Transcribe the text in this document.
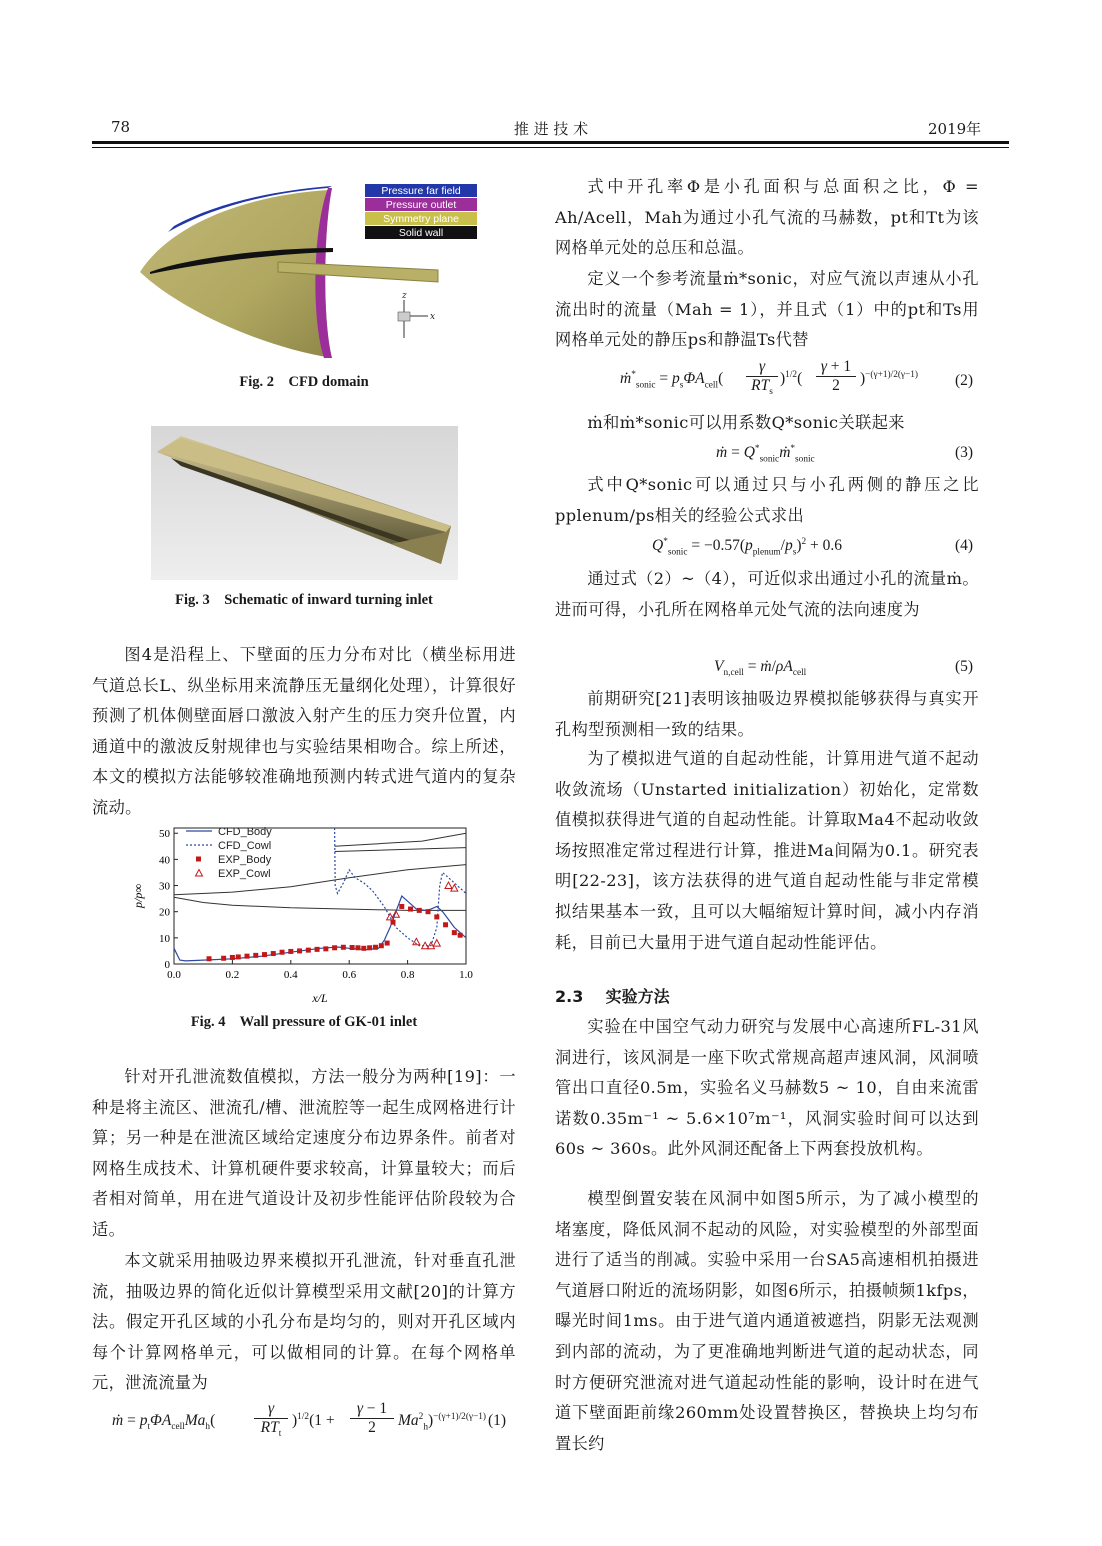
78	推 进 技 术	2019年
z
x
Pressure far field
Pressure outlet
Symmetry plane
Solid wall
Fig. 2    CFD domain
Fig. 3    Schematic of inward turning inlet

图4是沿程上、下壁面的压力分布对比（横坐标用进气道总长L、纵坐标用来流静压无量纲化处理），计算很好预测了机体侧壁面唇口激波入射产生的压力突升位置，内通道中的激波反射规律也与实验结果相吻合。综上所述，本文的模拟方法能够较准确地预测内转式进气道内的复杂流动。

0
10
20
30
40
50
0.0	0.2	0.4	0.6	0.8	1.0
x/L
p/p∞
CFD_Body
CFD_Cowl
EXP_Body
EXP_Cowl
Fig. 4    Wall pressure of GK-01 inlet

针对开孔泄流数值模拟，方法一般分为两种[19]：一种是将主流区、泄流孔/槽、泄流腔等一起生成网格进行计算；另一种是在泄流区域给定速度分布边界条件。前者对网格生成技术、计算机硬件要求较高，计算量较大；而后者相对简单，用在进气道设计及初步性能评估阶段较为合适。

本文就采用抽吸边界来模拟开孔泄流，针对垂直孔泄流，抽吸边界的简化近似计算模型采用文献[20]的计算方法。假定开孔区域的小孔分布是均匀的，则对开孔区域内每个计算网格单元，可以做相同的计算。在每个网格单元，泄流流量为

ṁ = $p_t\Phi A_{cell}Ma_h$(
γ

$RT_t$
)$^{1/2}$(1 +
γ − 1

2	$Ma^2_h)^{-(\gamma+1)/2(\gamma-1)}$ (1)

式中开孔率Φ是小孔面积与总面积之比，Φ = Ah/Acell，Mah为通过小孔气流的马赫数，pt和Tt为该网格单元处的总压和总温。

定义一个参考流量ṁ*sonic，对应气流以声速从小孔流出时的流量（Mah = 1），并且式（1）中的pt和Ts用网格单元处的静压ps和静温Ts代替

ṁ*$_{sonic}$ = $p_s\Phi A_{cell}$(
γ

$RT_s$
)$^{1/2}$(
γ + 1

2	)$^{-(\gamma+1)/2(\gamma-1)}$ (2)

ṁ和ṁ*sonic可以用系数Q*sonic关联起来

ṁ = $Q^*_{sonic}ṁ^*_{sonic}$	(3)

式中Q*sonic可以通过只与小孔两侧的静压之比pplenum/ps相关的经验公式求出

$Q^*_{sonic} = -0.57(p_{plenum}/p_s)^2 + 0.6$	(4)

通过式（2）~（4），可近似求出通过小孔的流量ṁ。进而可得，小孔所在网格单元处气流的法向速度为

$V_{n,cell}$ = $ṁ/\rho A_{cell}$	(5)

前期研究[21]表明该抽吸边界模拟能够获得与真实开孔构型预测相一致的结果。

为了模拟进气道的自起动性能，计算用进气道不起动收敛流场（Unstarted initialization）初始化，定常数值模拟获得进气道的自起动性能。计算取Ma4不起动收敛场按照准定常过程进行计算，推进Ma间隔为0.1。研究表明[22-23]，该方法获得的进气道自起动性能与非定常模拟结果基本一致，且可以大幅缩短计算时间，减小内存消耗，目前已大量用于进气道自起动性能评估。

2.3    实验方法

实验在中国空气动力研究与发展中心高速所FL-31风洞进行，该风洞是一座下吹式常规高超声速风洞，风洞喷管出口直径0.5m，实验名义马赫数5 ~ 10，自由来流雷诺数0.35m⁻¹ ~ 5.6×10⁷m⁻¹，风洞实验时间可以达到60s ~ 360s。此外风洞还配备上下两套投放机构。

模型倒置安装在风洞中如图5所示，为了减小模型的堵塞度，降低风洞不起动的风险，对实验模型的外部型面进行了适当的削减。实验中采用一台SA5高速相机拍摄进气道唇口附近的流场阴影，如图6所示，拍摄帧频1kfps，曝光时间1ms。由于进气道内通道被遮挡，阴影无法观测到内部的流动，为了更准确地判断进气道的起动状态，同时方便研究泄流对进气道起动性能的影响，设计时在进气道下壁面距前缘260mm处设置替换区，替换块上均匀布置长约
